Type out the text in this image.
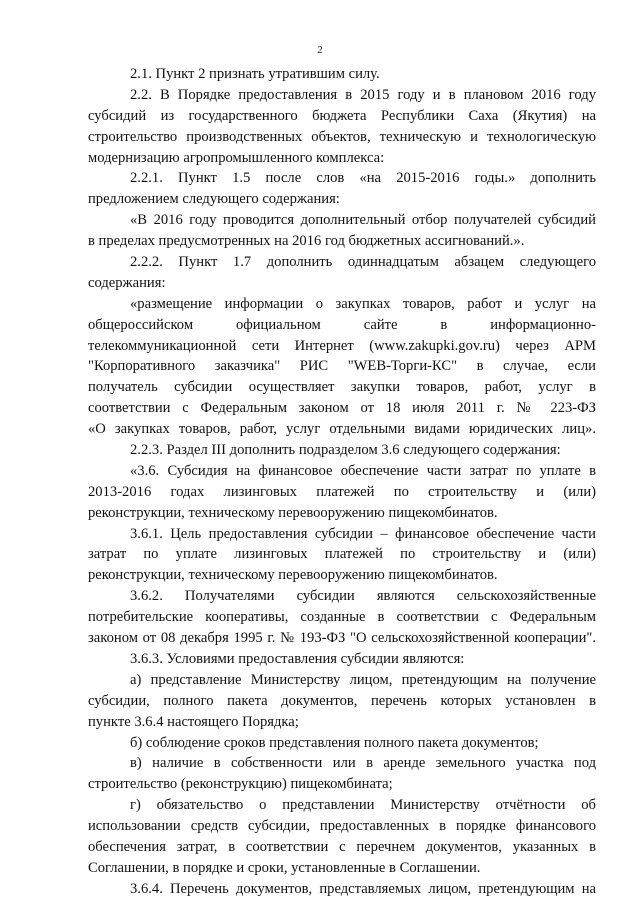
2
2.1. Пункт 2 признать утратившим силу.
2.2. В Порядке предоставления в 2015 году и в плановом 2016 году
субсидий из государственного бюджета Республики Саха (Якутия) на
строительство производственных объектов, техническую и технологическую
модернизацию агропромышленного комплекса:
2.2.1. Пункт 1.5 после слов «на 2015-2016 годы.» дополнить
предложением следующего содержания:
«В 2016 году проводится дополнительный отбор получателей субсидий
в пределах предусмотренных на 2016 год бюджетных ассигнований.».
2.2.2. Пункт 1.7 дополнить одиннадцатым абзацем следующего
содержания:
«размещение информации о закупках товаров, работ и услуг на
общероссийском официальном сайте в информационно-
телекоммуникационной сети Интернет (www.zakupki.gov.ru) через АРМ
"Корпоративного заказчика" РИС "WEB-Торги-КС" в случае, если
получатель субсидии осуществляет закупки товаров, работ, услуг в
соответствии с Федеральным законом от 18 июля 2011 г. № 223-ФЗ
«О закупках товаров, работ, услуг отдельными видами юридических лиц».
2.2.3. Раздел III дополнить подразделом 3.6 следующего содержания:
«3.6. Субсидия на финансовое обеспечение части затрат по уплате в
2013-2016 годах лизинговых платежей по строительству и (или)
реконструкции, техническому перевооружению пищекомбинатов.
3.6.1. Цель предоставления субсидии – финансовое обеспечение части
затрат по уплате лизинговых платежей по строительству и (или)
реконструкции, техническому перевооружению пищекомбинатов.
3.6.2. Получателями субсидии являются сельскохозяйственные
потребительские кооперативы, созданные в соответствии с Федеральным
законом от 08 декабря 1995 г. № 193-ФЗ "О сельскохозяйственной кооперации".
3.6.3. Условиями предоставления субсидии являются:
а) представление Министерству лицом, претендующим на получение
субсидии, полного пакета документов, перечень которых установлен в
пункте 3.6.4 настоящего Порядка;
б) соблюдение сроков представления полного пакета документов;
в) наличие в собственности или в аренде земельного участка под
строительство (реконструкцию) пищекомбината;
г) обязательство о представлении Министерству отчётности об
использовании средств субсидии, предоставленных в порядке финансового
обеспечения затрат, в соответствии с перечнем документов, указанных в
Соглашении, в порядке и сроки, установленные в Соглашении.
3.6.4. Перечень документов, представляемых лицом, претендующим на
